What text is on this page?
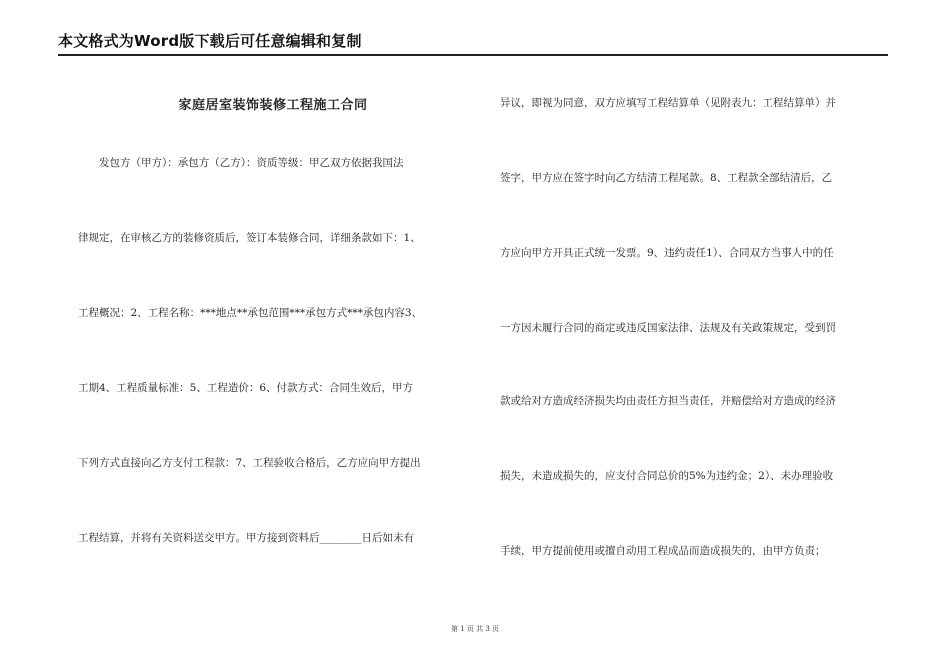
本文格式为Word版下载后可任意编辑和复制
家庭居室装饰装修工程施工合同
　　发包方（甲方）：承包方（乙方）：资质等级：甲乙双方依据我国法
律规定，在审核乙方的装修资质后，签订本装修合同，详细条款如下：1、
工程概况：2、工程名称：***地点**承包范围***承包方式***承包内容3、
工期4、工程质量标准：5、工程造价：6、付款方式：合同生效后，甲方
下列方式直接向乙方支付工程款：7、工程验收合格后，乙方应向甲方提出
工程结算，并将有关资料送交甲方。甲方接到资料后________日后如未有
异议，即视为同意，双方应填写工程结算单（见附表九：工程结算单）并
签字，甲方应在签字时向乙方结清工程尾款。8、工程款全部结清后，乙
方应向甲方开具正式统一发票。9、违约责任1）、合同双方当事人中的任
一方因未履行合同的商定或违反国家法律、法规及有关政策规定，受到罚
款或给对方造成经济损失均由责任方担当责任，并赔偿给对方造成的经济
损失，未造成损失的，应支付合同总价的5%为违约金；2）、未办理验收
手续，甲方提前使用或擅自动用工程成品而造成损失的，由甲方负责；
第 1 页 共 3 页
